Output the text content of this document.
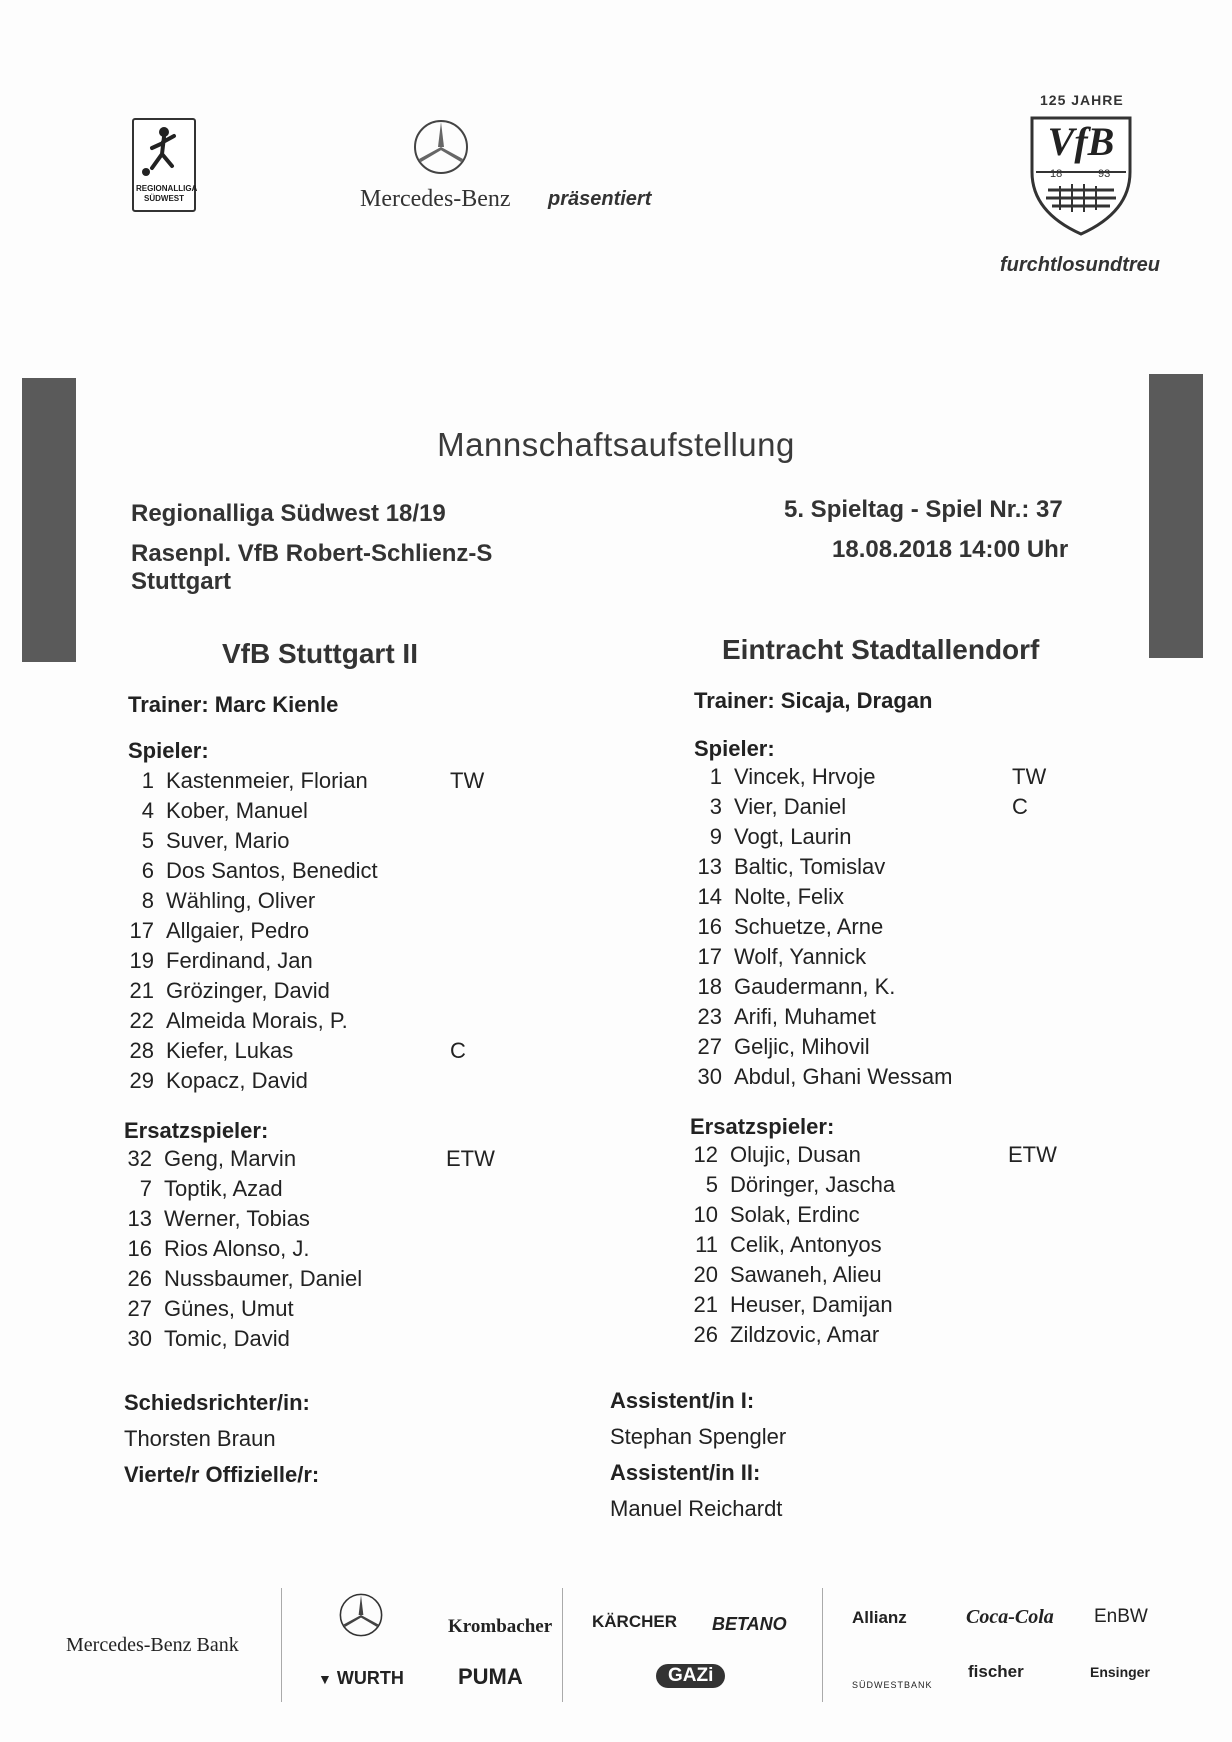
REGIONALLIGA SÜDWEST	Mercedes-Benz präsentiert
125 JAHRE
VfB
18	93
furchtlosundtreu
Mannschaftsaufstellung
Regionalliga Südwest 18/19
Rasenpl. VfB Robert-Schlienz-S
Stuttgart
5. Spieltag - Spiel Nr.: 37
18.08.2018 14:00 Uhr
VfB Stuttgart II	Eintracht Stadtallendorf
Trainer: Marc Kienle	Trainer: Sicaja, Dragan
Spieler:	Spieler:
1 Kastenmeier, Florian	TW
4 Kober, Manuel
5 Suver, Mario
6 Dos Santos, Benedict
8 Wähling, Oliver
17 Allgaier, Pedro
19 Ferdinand, Jan
21 Grözinger, David
22 Almeida Morais, P.
28 Kiefer, Lukas	C
29 Kopacz, David
1 Vincek, Hrvoje	TW
3 Vier, Daniel	C
9 Vogt, Laurin
13 Baltic, Tomislav
14 Nolte, Felix
16 Schuetze, Arne
17 Wolf, Yannick
18 Gaudermann, K.
23 Arifi, Muhamet
27 Geljic, Mihovil
30 Abdul, Ghani Wessam
Ersatzspieler:	Ersatzspieler:
32 Geng, Marvin	ETW
7 Toptik, Azad
13 Werner, Tobias
16 Rios Alonso, J.
26 Nussbaumer, Daniel
27 Günes, Umut
30 Tomic, David
12 Olujic, Dusan	ETW
5 Döringer, Jascha
10 Solak, Erdinc
11 Celik, Antonyos
20 Sawaneh, Alieu
21 Heuser, Damijan
26 Zildzovic, Amar
Schiedsrichter/in:
Thorsten Braun
Vierte/r Offizielle/r:
Assistent/in I:
Stephan Spengler
Assistent/in II:
Manuel Reichardt
Mercedes-Benz Bank
▼ WURTH
Krombacher
PUMA
KÄRCHER BETANO
GAZi
Allianz	Coca-Cola EnBW
SÜDWESTBANK
fischer	Ensinger
